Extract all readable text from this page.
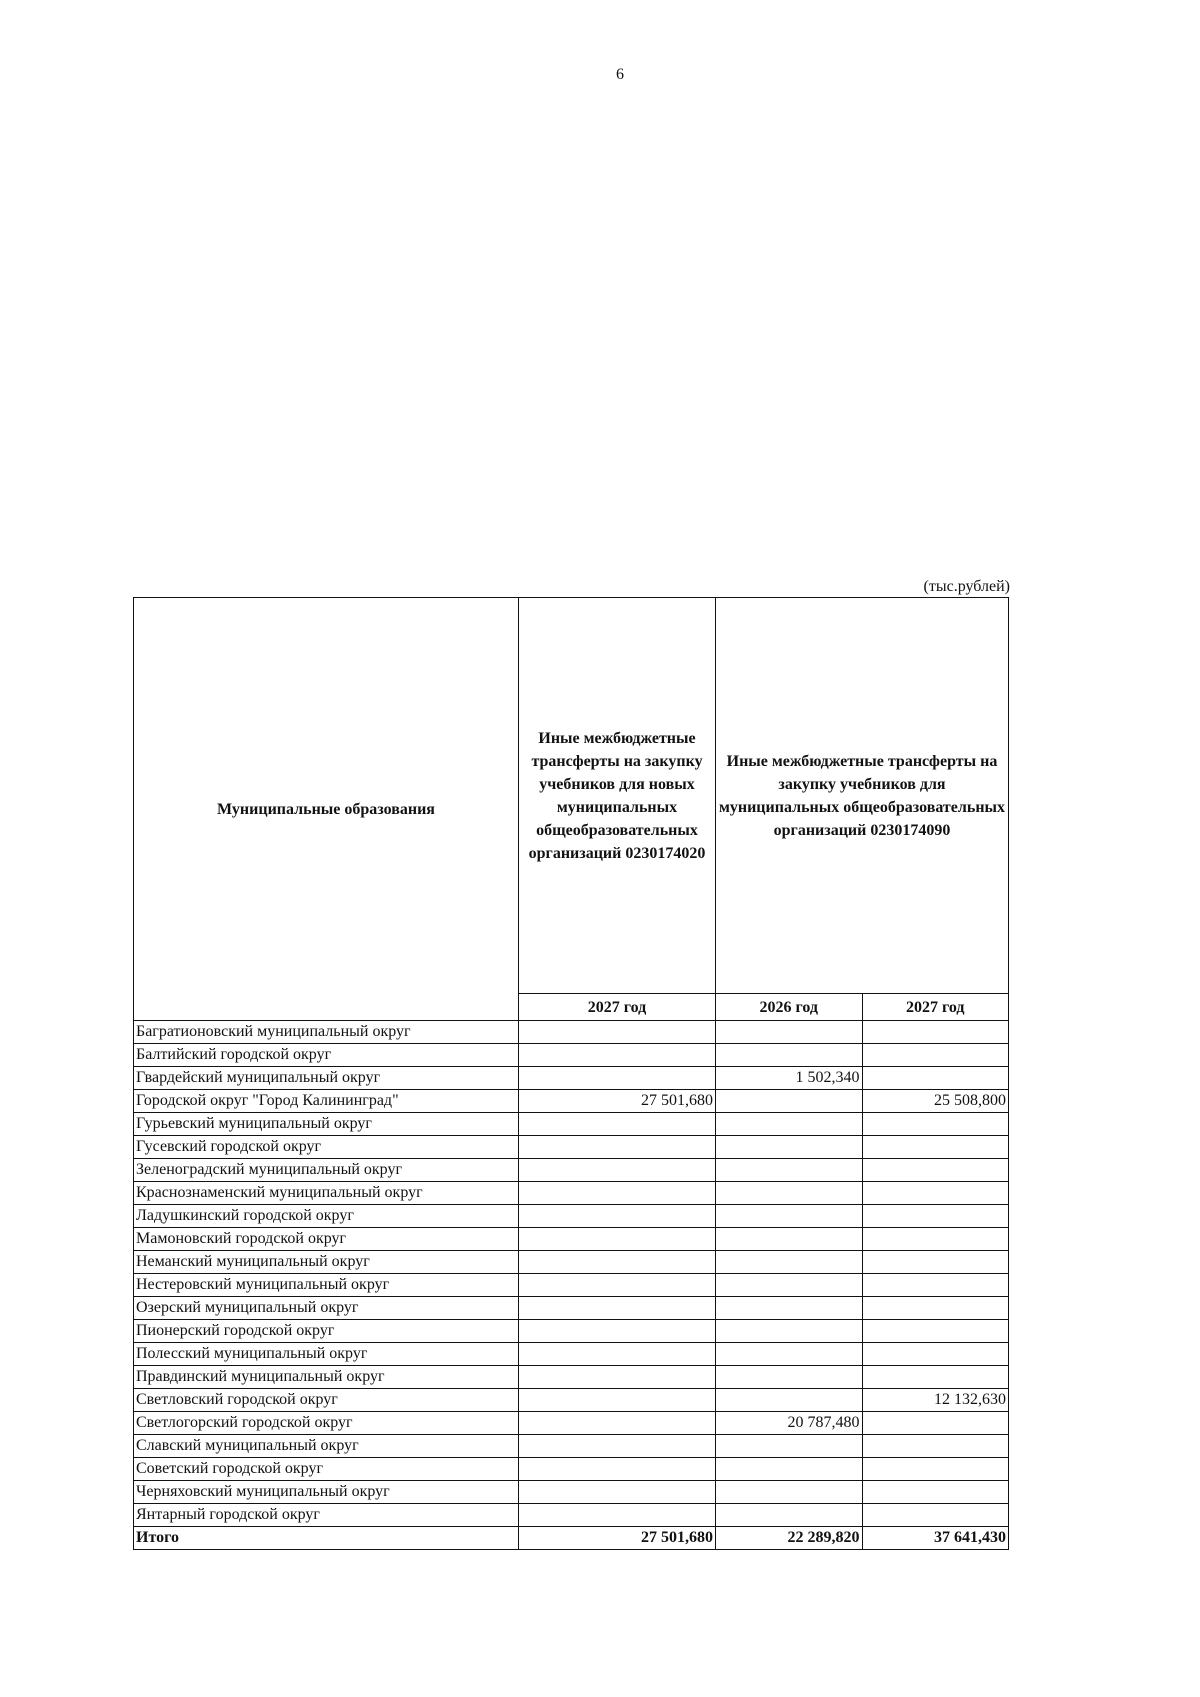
6
(тыс.рублей)
Муниципальные образования	Иные межбюджетные трансферты на закупку учебников для новых муниципальных общеобразовательных организаций 0230174020	Иные межбюджетные трансферты на закупку учебников для муниципальных общеобразовательных организаций 0230174090	
	2027 год	2026 год	2027 год
Багратионовский муниципальный округ			
Балтийский городской округ			
Гвардейский муниципальный округ		1 502,340	
Городской округ "Город Калининград"	27 501,680		25 508,800
Гурьевский муниципальный округ			
Гусевский городской округ			
Зеленоградский муниципальный округ			
Краснознаменский муниципальный округ			
Ладушкинский городской округ			
Мамоновский городской округ			
Неманский муниципальный округ			
Нестеровский муниципальный округ			
Озерский муниципальный округ			
Пионерский городской округ			
Полесский муниципальный округ			
Правдинский муниципальный округ			
Светловский городской округ			12 132,630
Светлогорский городской округ		20 787,480	
Славский муниципальный округ			
Советский городской округ			
Черняховский муниципальный округ			
Янтарный городской округ			
Итого	27 501,680	22 289,820	37 641,430
